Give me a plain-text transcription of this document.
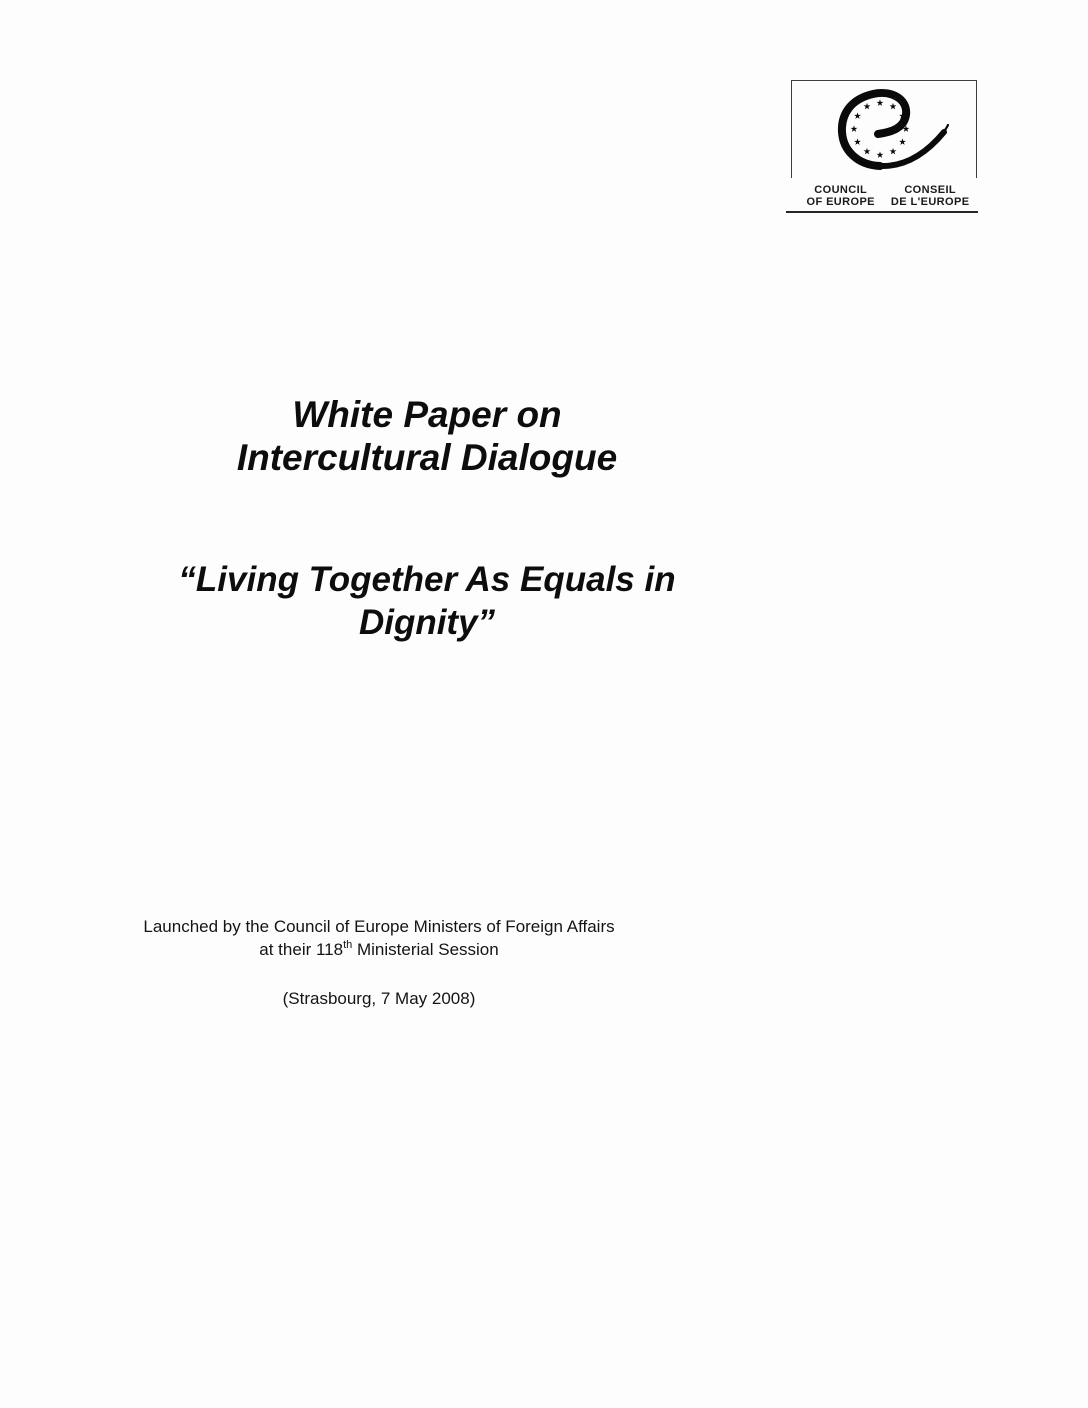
COUNCIL
OF EUROPE
CONSEIL
DE L'EUROPE
White Paper on
Intercultural Dialogue
“Living Together As Equals in
Dignity”
Launched by the Council of Europe Ministers of Foreign Affairs
at their 118th Ministerial Session
(Strasbourg, 7 May 2008)
